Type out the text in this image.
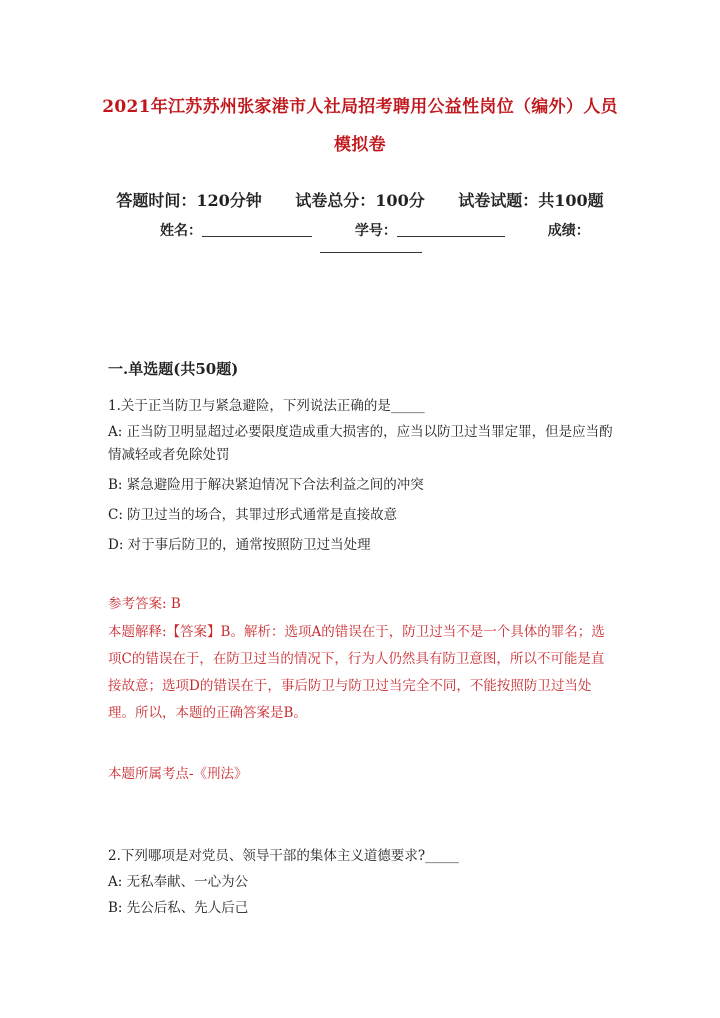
2021年江苏苏州张家港市人社局招考聘用公益性岗位（编外）人员
模拟卷
答题时间：120分钟 试卷总分：100分 试卷试题：共100题
姓名：	学号：	成绩：
一.单选题(共50题)
1.关于正当防卫与紧急避险，下列说法正确的是_____
A: 正当防卫明显超过必要限度造成重大损害的，应当以防卫过当罪定罪，但是应当酌情减轻或者免除处罚
B: 紧急避险用于解决紧迫情况下合法利益之间的冲突
C: 防卫过当的场合，其罪过形式通常是直接故意
D: 对于事后防卫的，通常按照防卫过当处理
参考答案: B
本题解释:【答案】B。解析：选项A的错误在于，防卫过当不是一个具体的罪名；选项C的错误在于，在防卫过当的情况下，行为人仍然具有防卫意图，所以不可能是直接故意；选项D的错误在于，事后防卫与防卫过当完全不同，不能按照防卫过当处理。所以，本题的正确答案是B。
本题所属考点-《刑法》
2.下列哪项是对党员、领导干部的集体主义道德要求?_____
A: 无私奉献、一心为公
B: 先公后私、先人后己
